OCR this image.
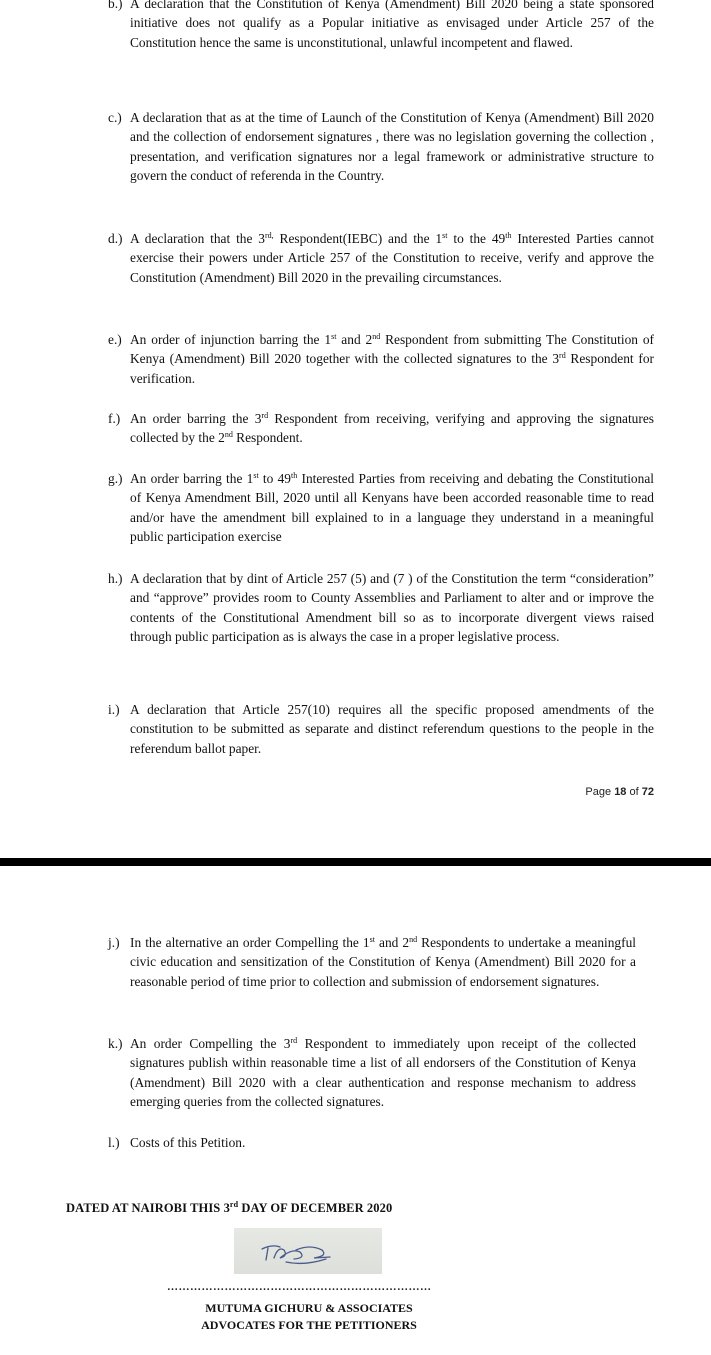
b.) A declaration that the Constitution of Kenya (Amendment) Bill 2020 being a state sponsored initiative does not qualify as a Popular initiative as envisaged under Article 257 of the Constitution hence the same is unconstitutional, unlawful incompetent and flawed.
c.) A declaration that as at the time of Launch of the Constitution of Kenya (Amendment) Bill 2020 and the collection of endorsement signatures , there was no legislation governing the collection , presentation, and verification signatures nor a legal framework or administrative structure to govern the conduct of referenda in the Country.
d.) A declaration that the $3^{rd,}$ Respondent(IEBC) and the 1st to the 49th Interested Parties cannot exercise their powers under Article 257 of the Constitution to receive, verify and approve the Constitution (Amendment) Bill 2020 in the prevailing circumstances.
e.) An order of injunction barring the 1st and 2nd Respondent from submitting The Constitution of Kenya (Amendment) Bill 2020 together with the collected signatures to the 3rd Respondent for verification.
f.) An order barring the 3rd Respondent from receiving, verifying and approving the signatures collected by the 2nd Respondent.
g.) An order barring the 1st to 49th Interested Parties from receiving and debating the Constitutional of Kenya Amendment Bill, 2020 until all Kenyans have been accorded reasonable time to read and/or have the amendment bill explained to in a language they understand in a meaningful public participation exercise
h.) A declaration that by dint of Article 257 (5) and (7 ) of the Constitution the term “consideration” and “approve” provides room to County Assemblies and Parliament to alter and or improve the contents of the Constitutional Amendment bill so as to incorporate divergent views raised through public participation as is always the case in a proper legislative process.
i.) A declaration that Article 257(10) requires all the specific proposed amendments of the constitution to be submitted as separate and distinct referendum questions to the people in the referendum ballot paper.
Page 18 of 72
j.) In the alternative an order Compelling the 1st and 2nd Respondents to undertake a meaningful civic education and sensitization of the Constitution of Kenya (Amendment) Bill 2020 for a reasonable period of time prior to collection and submission of endorsement signatures.
k.) An order Compelling the 3rd Respondent to immediately upon receipt of the collected signatures publish within reasonable time a list of all endorsers of the Constitution of Kenya (Amendment) Bill 2020 with a clear authentication and response mechanism to address emerging queries from the collected signatures.
l.) Costs of this Petition.
DATED AT NAIROBI THIS 3rd DAY OF DECEMBER 2020
……………………………………………………………
MUTUMA GICHURU & ASSOCIATES
ADVOCATES FOR THE PETITIONERS
